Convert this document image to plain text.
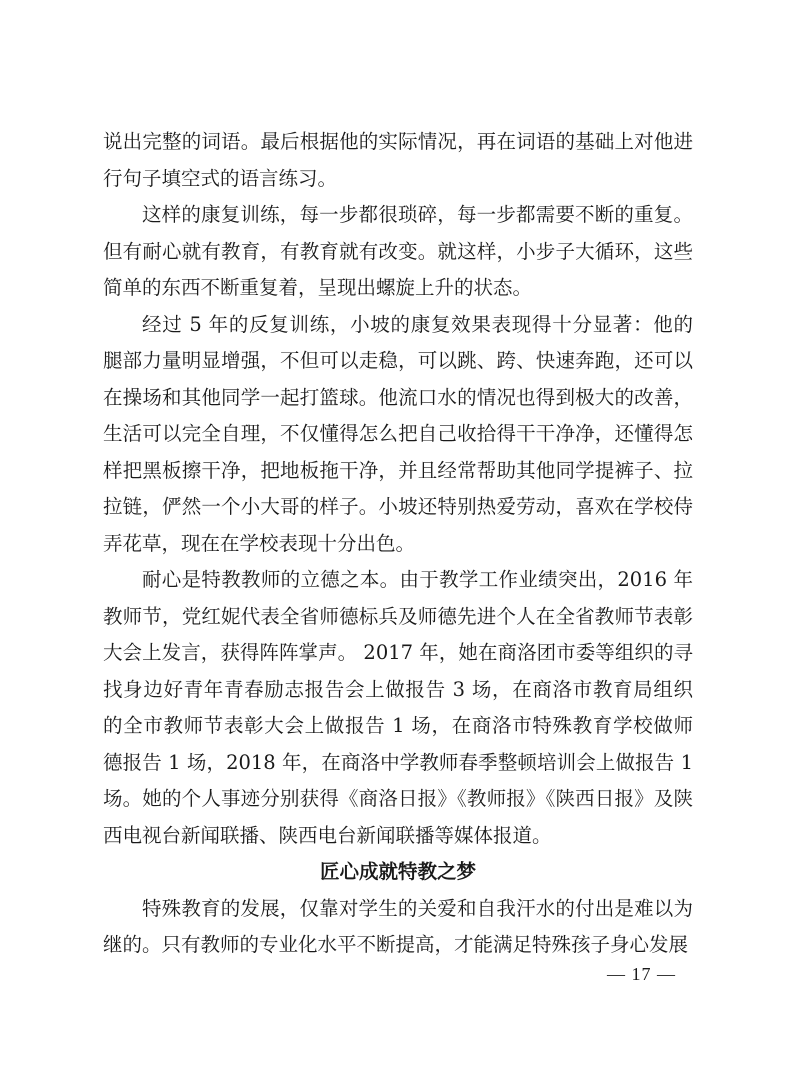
说出完整的词语。最后根据他的实际情况，再在词语的基础上对他进行句子填空式的语言练习。

这样的康复训练，每一步都很琐碎，每一步都需要不断的重复。但有耐心就有教育，有教育就有改变。就这样，小步子大循环，这些简单的东西不断重复着，呈现出螺旋上升的状态。

经过 5 年的反复训练，小坡的康复效果表现得十分显著：他的腿部力量明显增强，不但可以走稳，可以跳、跨、快速奔跑，还可以在操场和其他同学一起打篮球。他流口水的情况也得到极大的改善，生活可以完全自理，不仅懂得怎么把自己收拾得干干净净，还懂得怎样把黑板擦干净，把地板拖干净，并且经常帮助其他同学提裤子、拉拉链，俨然一个小大哥的样子。小坡还特别热爱劳动，喜欢在学校侍弄花草，现在在学校表现十分出色。

耐心是特教教师的立德之本。由于教学工作业绩突出，2016 年教师节，党红妮代表全省师德标兵及师德先进个人在全省教师节表彰大会上发言，获得阵阵掌声。 2017 年，她在商洛团市委等组织的寻找身边好青年青春励志报告会上做报告 3 场，在商洛市教育局组织的全市教师节表彰大会上做报告 1 场，在商洛市特殊教育学校做师德报告 1 场，2018 年，在商洛中学教师春季整顿培训会上做报告 1 场。她的个人事迹分别获得《商洛日报》《教师报》《陕西日报》及陕西电视台新闻联播、陕西电台新闻联播等媒体报道。

匠心成就特教之梦

特殊教育的发展，仅靠对学生的关爱和自我汗水的付出是难以为继的。只有教师的专业化水平不断提高，才能满足特殊孩子身心发展

— 17 —
